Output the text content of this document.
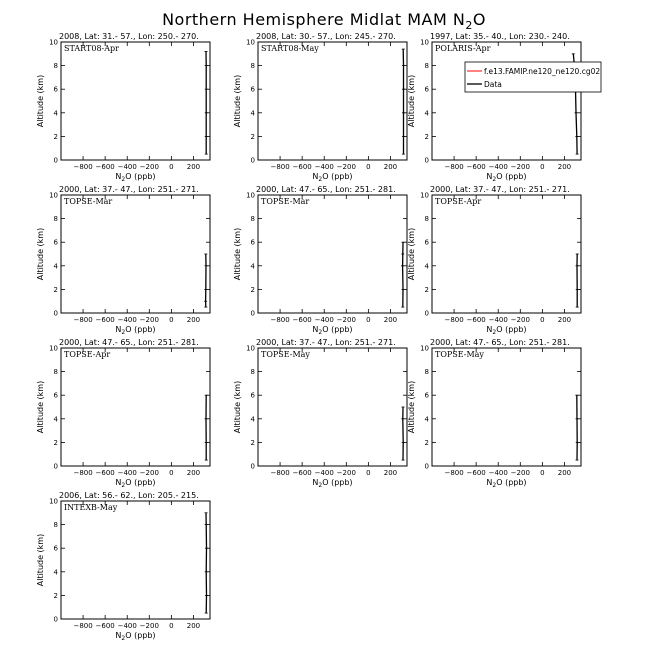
Northern Hemisphere Midlat MAM $N_2O$
2008, Lat: 31.- 57., Lon: 250.- 270.
START08-Apr
−800 −600 −400 −200 0 200
0
2
4
6
8
10
$N_2O$ (ppb)
Altitude (km)
2008, Lat: 30.- 57., Lon: 245.- 270.
START08-May
−800 −600 −400 −200 0 200
0
2
4
6
8
10
$N_2O$ (ppb)
Altitude (km)
1997, Lat: 35.- 40., Lon: 230.- 240.
POLARIS-Apr
−800 −600 −400 −200 0 200
0
2
4
6
8
10
$N_2O$ (ppb)
Altitude (km)
f.e13.FAMIP.ne120_ne120.cg02
Data
2000, Lat: 37.- 47., Lon: 251.- 271.
TOPSE-Mar
−800 −600 −400 −200 0 200
0
2
4
6
8
10
$N_2O$ (ppb)
Altitude (km)
2000, Lat: 47.- 65., Lon: 251.- 281.
TOPSE-Mar
−800 −600 −400 −200 0 200
0
2
4
6
8
10
$N_2O$ (ppb)
Altitude (km)
2000, Lat: 37.- 47., Lon: 251.- 271.
TOPSE-Apr
−800 −600 −400 −200 0 200
0
2
4
6
8
10
$N_2O$ (ppb)
Altitude (km)
2000, Lat: 47.- 65., Lon: 251.- 281.
TOPSE-Apr
−800 −600 −400 −200 0 200
0
2
4
6
8
10
$N_2O$ (ppb)
Altitude (km)
2000, Lat: 37.- 47., Lon: 251.- 271.
TOPSE-May
−800 −600 −400 −200 0 200
0
2
4
6
8
10
$N_2O$ (ppb)
Altitude (km)
2000, Lat: 47.- 65., Lon: 251.- 281.
TOPSE-May
−800 −600 −400 −200 0 200
0
2
4
6
8
10
$N_2O$ (ppb)
Altitude (km)
2006, Lat: 56.- 62., Lon: 205.- 215.
INTEXB-May
−800 −600 −400 −200 0 200
0
2
4
6
8
10
$N_2O$ (ppb)
Altitude (km)
